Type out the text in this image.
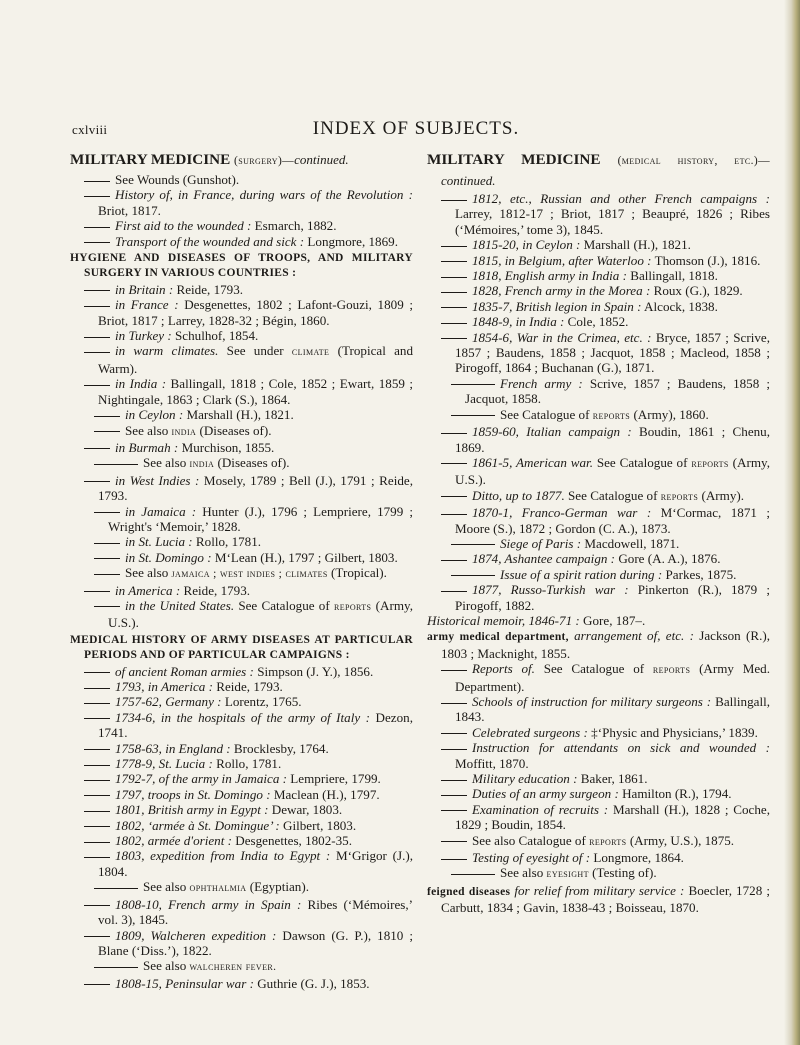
cxlviii	INDEX OF SUBJECTS.

MILITARY MEDICINE (surgery)—continued.

See Wounds (Gunshot).

History of, in France, during wars of the Revolution : Briot, 1817.

First aid to the wounded : Esmarch, 1882.

Transport of the wounded and sick : Longmore, 1869.

HYGIENE AND DISEASES OF TROOPS, AND MILITARY SURGERY IN VARIOUS COUNTRIES :

in Britain : Reide, 1793.

in France : Desgenettes, 1802 ; Lafont-Gouzi, 1809 ; Briot, 1817 ; Larrey, 1828-32 ; Bégin, 1860.

in Turkey : Schulhof, 1854.

in warm climates. See under climate (Tropical and Warm).

in India : Ballingall, 1818 ; Cole, 1852 ; Ewart, 1859 ; Nightingale, 1863 ; Clark (S.), 1864.

in Ceylon : Marshall (H.), 1821.

See also india (Diseases of).

in Burmah : Murchison, 1855.

See also india (Diseases of).

in West Indies : Mosely, 1789 ; Bell (J.), 1791 ; Reide, 1793.

in Jamaica : Hunter (J.), 1796 ; Lempriere, 1799 ; Wright's ‘Memoir,’ 1828.

in St. Lucia : Rollo, 1781.

in St. Domingo : M‘Lean (H.), 1797 ; Gilbert, 1803.

See also jamaica ; west indies ; climates (Tropical).

in America : Reide, 1793.

in the United States. See Catalogue of reports (Army, U.S.).

MEDICAL HISTORY OF ARMY DISEASES AT PARTICULAR PERIODS AND OF PARTICULAR CAMPAIGNS :

of ancient Roman armies : Simpson (J. Y.), 1856.

1793, in America : Reide, 1793.

1757-62, Germany : Lorentz, 1765.

1734-6, in the hospitals of the army of Italy : Dezon, 1741.

1758-63, in England : Brocklesby, 1764.

1778-9, St. Lucia : Rollo, 1781.

1792-7, of the army in Jamaica : Lempriere, 1799.

1797, troops in St. Domingo : Maclean (H.), 1797.

1801, British army in Egypt : Dewar, 1803.

1802, ‘armée à St. Domingue’ : Gilbert, 1803.

1802, armée d'orient : Desgenettes, 1802-35.

1803, expedition from India to Egypt : M‘Grigor (J.), 1804.

See also ophthalmia (Egyptian).

1808-10, French army in Spain : Ribes (‘Mémoires,’ vol. 3), 1845.

1809, Walcheren expedition : Dawson (G. P.), 1810 ; Blane (‘Diss.’), 1822.

See also walcheren fever.

1808-15, Peninsular war : Guthrie (G. J.), 1853.

MILITARY MEDICINE (medical history, etc.)—continued.

1812, etc., Russian and other French campaigns : Larrey, 1812-17 ; Briot, 1817 ; Beaupré, 1826 ; Ribes (‘Mémoires,’ tome 3), 1845.

1815-20, in Ceylon : Marshall (H.), 1821.

1815, in Belgium, after Waterloo : Thomson (J.), 1816.

1818, English army in India : Ballingall, 1818.

1828, French army in the Morea : Roux (G.), 1829.

1835-7, British legion in Spain : Alcock, 1838.

1848-9, in India : Cole, 1852.

1854-6, War in the Crimea, etc. : Bryce, 1857 ; Scrive, 1857 ; Baudens, 1858 ; Jacquot, 1858 ; Macleod, 1858 ; Pirogoff, 1864 ; Buchanan (G.), 1871.

French army : Scrive, 1857 ; Baudens, 1858 ; Jacquot, 1858.

See Catalogue of reports (Army), 1860.

1859-60, Italian campaign : Boudin, 1861 ; Chenu, 1869.

1861-5, American war. See Catalogue of reports (Army, U.S.).

Ditto, up to 1877. See Catalogue of reports (Army).

1870-1, Franco-German war : M‘Cormac, 1871 ; Moore (S.), 1872 ; Gordon (C. A.), 1873.

Siege of Paris : Macdowell, 1871.

1874, Ashantee campaign : Gore (A. A.), 1876.

Issue of a spirit ration during : Parkes, 1875.

1877, Russo-Turkish war : Pinkerton (R.), 1879 ; Pirogoff, 1882.

Historical memoir, 1846-71 : Gore, 187–.

army medical department, arrangement of, etc. : Jackson (R.), 1803 ; Macknight, 1855.

Reports of. See Catalogue of reports (Army Med. Department).

Schools of instruction for military surgeons : Ballingall, 1843.

Celebrated surgeons : ‡‘Physic and Physicians,’ 1839.

Instruction for attendants on sick and wounded : Moffitt, 1870.

Military education : Baker, 1861.

Duties of an army surgeon : Hamilton (R.), 1794.

Examination of recruits : Marshall (H.), 1828 ; Coche, 1829 ; Boudin, 1854.

See also Catalogue of reports (Army, U.S.), 1875.

Testing of eyesight of : Longmore, 1864.

See also eyesight (Testing of).

feigned diseases for relief from military service : Boecler, 1728 ; Carbutt, 1834 ; Gavin, 1838-43 ; Boisseau, 1870.
